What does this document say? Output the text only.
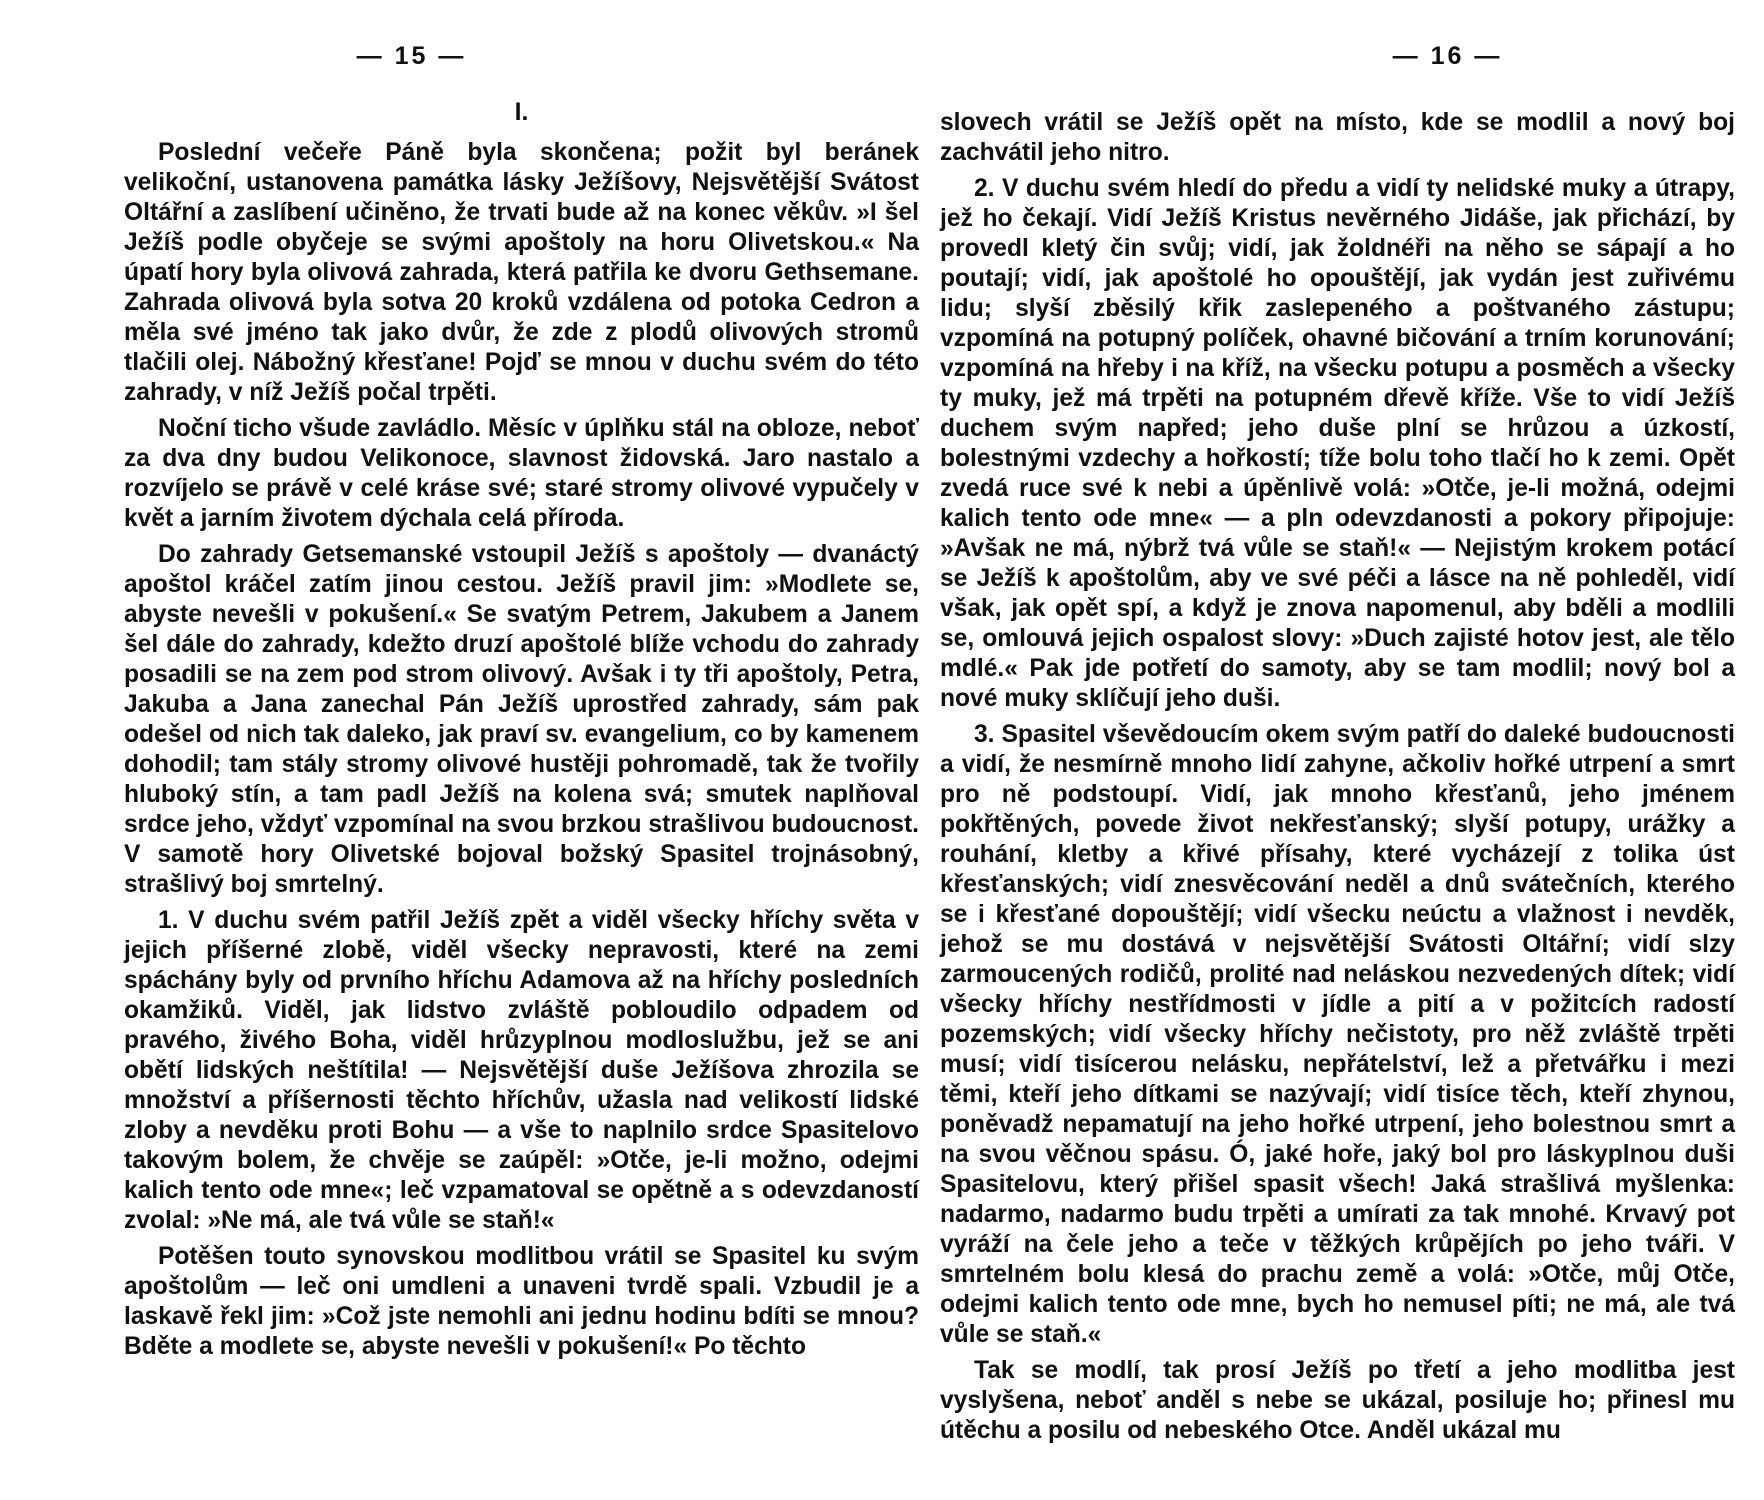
— 15 —
I.

Poslední večeře Páně byla skončena; požit byl beránek velikoční, ustanovena památka lásky Ježíšovy, Nejsvětější Svátost Oltářní a zaslíbení učiněno, že trvati bude až na konec věkův. »I šel Ježíš podle obyčeje se svými apoštoly na horu Olivetskou.« Na úpatí hory byla olivová zahrada, která patřila ke dvoru Gethsemane. Zahrada olivová byla sotva 20 kroků vzdálena od potoka Cedron a měla své jméno tak jako dvůr, že zde z plodů olivových stromů tlačili olej. Nábožný křesťane! Pojď se mnou v duchu svém do této zahrady, v níž Ježíš počal trpěti.

Noční ticho všude zavládlo. Měsíc v úplňku stál na obloze, neboť za dva dny budou Velikonoce, slavnost židovská. Jaro nastalo a rozvíjelo se právě v celé kráse své; staré stromy olivové vypučely v květ a jarním životem dýchala celá příroda.

Do zahrady Getsemanské vstoupil Ježíš s apoštoly — dvanáctý apoštol kráčel zatím jinou cestou. Ježíš pravil jim: »Modlete se, abyste nevešli v pokušení.« Se svatým Petrem, Jakubem a Janem šel dále do zahrady, kdežto druzí apoštolé blíže vchodu do zahrady posadili se na zem pod strom olivový. Avšak i ty tři apoštoly, Petra, Jakuba a Jana zanechal Pán Ježíš uprostřed zahrady, sám pak odešel od nich tak daleko, jak praví sv. evangelium, co by kamenem dohodil; tam stály stromy olivové hustěji pohromadě, tak že tvořily hluboký stín, a tam padl Ježíš na kolena svá; smutek naplňoval srdce jeho, vždyť vzpomínal na svou brzkou strašlivou budoucnost. V samotě hory Olivetské bojoval božský Spasitel trojnásobný, strašlivý boj smrtelný.

1. V duchu svém patřil Ježíš zpět a viděl všecky hříchy světa v jejich příšerné zlobě, viděl všecky nepravosti, které na zemi spáchány byly od prvního hříchu Adamova až na hříchy posledních okamžiků. Viděl, jak lidstvo zvláště pobloudilo odpadem od pravého, živého Boha, viděl hrůzyplnou modloslužbu, jež se ani obětí lidských neštítila! — Nejsvětější duše Ježíšova zhrozila se množství a příšernosti těchto hříchův, užasla nad velikostí lidské zloby a nevděku proti Bohu — a vše to naplnilo srdce Spasitelovo takovým bolem, že chvěje se zaúpěl: »Otče, je-li možno, odejmi kalich tento ode mne«; leč vzpamatoval se opětně a s odevzdaností zvolal: »Ne má, ale tvá vůle se staň!«

Potěšen touto synovskou modlitbou vrátil se Spasitel ku svým apoštolům — leč oni umdleni a unaveni tvrdě spali. Vzbudil je a laskavě řekl jim: »Což jste nemohli ani jednu hodinu bdíti se mnou? Bděte a modlete se, abyste nevešli v pokušení!« Po těchto

— 16 —

slovech vrátil se Ježíš opět na místo, kde se modlil a nový boj zachvátil jeho nitro.

2. V duchu svém hledí do předu a vidí ty nelidské muky a útrapy, jež ho čekají. Vidí Ježíš Kristus nevěrného Jidáše, jak přichází, by provedl kletý čin svůj; vidí, jak žoldnéři na něho se sápají a ho poutají; vidí, jak apoštolé ho opouštějí, jak vydán jest zuřivému lidu; slyší zběsilý křik zaslepeného a poštvaného zástupu; vzpomíná na potupný políček, ohavné bičování a trním korunování; vzpomíná na hřeby i na kříž, na všecku potupu a posměch a všecky ty muky, jež má trpěti na potupném dřevě kříže. Vše to vidí Ježíš duchem svým napřed; jeho duše plní se hrůzou a úzkostí, bolestnými vzdechy a hořkostí; tíže bolu toho tlačí ho k zemi. Opět zvedá ruce své k nebi a úpěnlivě volá: »Otče, je-li možná, odejmi kalich tento ode mne« — a pln odevzdanosti a pokory připojuje: »Avšak ne má, nýbrž tvá vůle se staň!« — Nejistým krokem potácí se Ježíš k apoštolům, aby ve své péči a lásce na ně pohleděl, vidí však, jak opět spí, a když je znova napomenul, aby bděli a modlili se, omlouvá jejich ospalost slovy: »Duch zajisté hotov jest, ale tělo mdlé.« Pak jde potřetí do samoty, aby se tam modlil; nový bol a nové muky sklíčují jeho duši.

3. Spasitel vševědoucím okem svým patří do daleké budoucnosti a vidí, že nesmírně mnoho lidí zahyne, ačkoliv hořké utrpení a smrt pro ně podstoupí. Vidí, jak mnoho křesťanů, jeho jménem pokřtěných, povede život nekřesťanský; slyší potupy, urážky a rouhání, kletby a křivé přísahy, které vycházejí z tolika úst křesťanských; vidí znesvěcování neděl a dnů svátečních, kterého se i křesťané dopouštějí; vidí všecku neúctu a vlažnost i nevděk, jehož se mu dostává v nejsvětější Svátosti Oltářní; vidí slzy zarmoucených rodičů, prolité nad neláskou nezvedených dítek; vidí všecky hříchy nestřídmosti v jídle a pití a v požitcích radostí pozemských; vidí všecky hříchy nečistoty, pro něž zvláště trpěti musí; vidí tisícerou nelásku, nepřátelství, lež a přetvářku i mezi těmi, kteří jeho dítkami se nazývají; vidí tisíce těch, kteří zhynou, poněvadž nepamatují na jeho hořké utrpení, jeho bolestnou smrt a na svou věčnou spásu. Ó, jaké hoře, jaký bol pro láskyplnou duši Spasitelovu, který přišel spasit všech! Jaká strašlivá myšlenka: nadarmo, nadarmo budu trpěti a umírati za tak mnohé. Krvavý pot vyráží na čele jeho a teče v těžkých krůpějích po jeho tváři. V smrtelném bolu klesá do prachu země a volá: »Otče, můj Otče, odejmi kalich tento ode mne, bych ho nemusel píti; ne má, ale tvá vůle se staň.«

Tak se modlí, tak prosí Ježíš po třetí a jeho modlitba jest vyslyšena, neboť anděl s nebe se ukázal, posiluje ho; přinesl mu útěchu a posilu od nebeského Otce. Anděl ukázal mu
